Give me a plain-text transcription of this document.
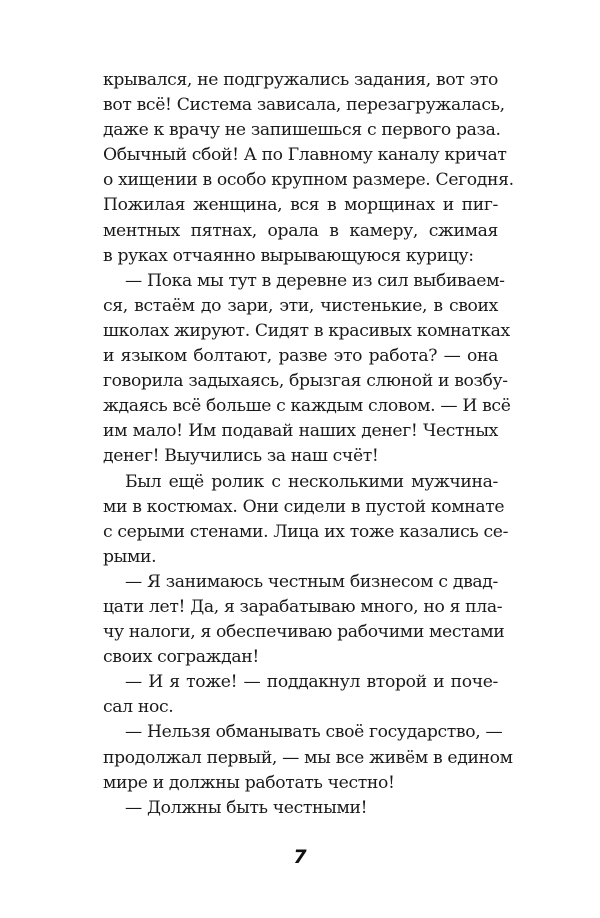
крывался, не подгружались задания, вот это
вот всё! Система зависала, перезагружалась,
даже к врачу не запишешься с первого раза.
Обычный сбой! А по Главному каналу кричат
о хищении в особо крупном размере. Сегодня.
Пожилая женщина, вся в морщинах и пиг-
ментных пятнах, орала в камеру, сжимая
в руках отчаянно вырывающуюся курицу:
— Пока мы тут в деревне из сил выбиваем-
ся, встаём до зари, эти, чистенькие, в своих
школах жируют. Сидят в красивых комнатках
и языком болтают, разве это работа? — она
говорила задыхаясь, брызгая слюной и возбу-
ждаясь всё больше с каждым словом. — И всё
им мало! Им подавай наших денег! Честных
денег! Выучились за наш счёт!
Был ещё ролик с несколькими мужчина-
ми в костюмах. Они сидели в пустой комнате
с серыми стенами. Лица их тоже казались се-
рыми.
— Я занимаюсь честным бизнесом с двад-
цати лет! Да, я зарабатываю много, но я пла-
чу налоги, я обеспечиваю рабочими местами
своих сограждан!
— И я тоже! — поддакнул второй и поче-
сал нос.
— Нельзя обманывать своё государство, —
продолжал первый, — мы все живём в едином
мире и должны работать честно!
— Должны быть честными!
7
